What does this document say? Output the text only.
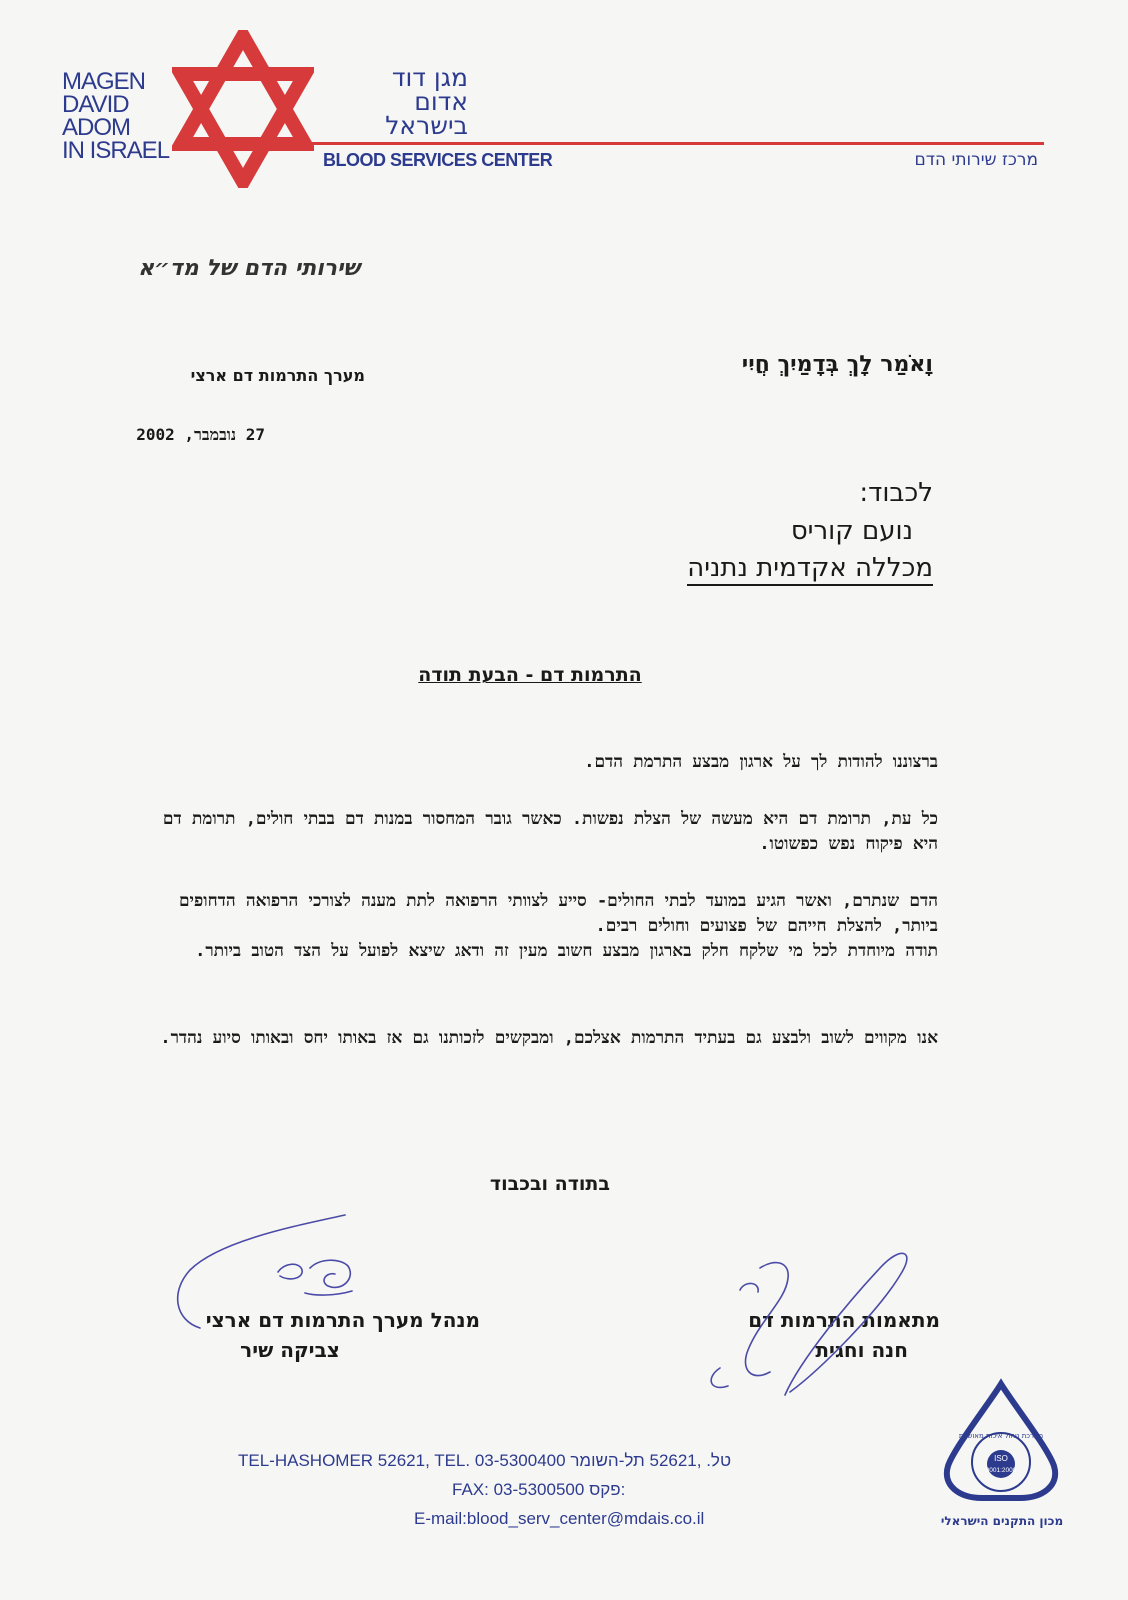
MAGEN
DAVID
ADOM
IN ISRAEL
מגן דוד
אדום
בישראל
BLOOD SERVICES CENTER	מרכז שירותי הדם
שירותי הדם של מד״א
וָאֹמַר לָךְ בְּדָמַיִךְ חֲיִי
מערך התרמות דם ארצי
27 נובמבר, 2002
לכבוד:
נועם קוריס
מכללה אקדמית נתניה
התרמות דם - הבעת תודה
ברצוננו להודות לך על ארגון מבצע התרמת הדם.
כל עת, תרומת דם היא מעשה של הצלת נפשות. כאשר גובר המחסור במנות דם בבתי חולים, תרומת דם היא פיקוח נפש כפשוטו.
הדם שנתרם, ואשר הגיע במועד לבתי החולים- סייע לצוותי הרפואה לתת מענה לצורכי הרפואה הדחופים ביותר, להצלת חייהם של פצועים וחולים רבים.
תודה מיוחדת לכל מי שלקח חלק בארגון מבצע חשוב מעין זה ודאג שיצא לפועל על הצד הטוב ביותר.
אנו מקווים לשוב ולבצע גם בעתיד התרמות אצלכם, ומבקשים לזכותנו גם אז באותו יחס ובאותו סיוע נהדר.
בתודה ובכבוד
מנהל מערך התרמות דם ארצי
צביקה שיר
מתאמות התרמות דם
חנה וחגית
TEL-HASHOMER 52621, TEL. 03-5300400 טל. ,52621 תל-השומר
FAX: 03-5300500 :פקס
E-mail:blood_serv_center@mdais.co.il
ISO
9001:2000
מערכת ניהול איכות מאושרת
מכון התקנים הישראלי
